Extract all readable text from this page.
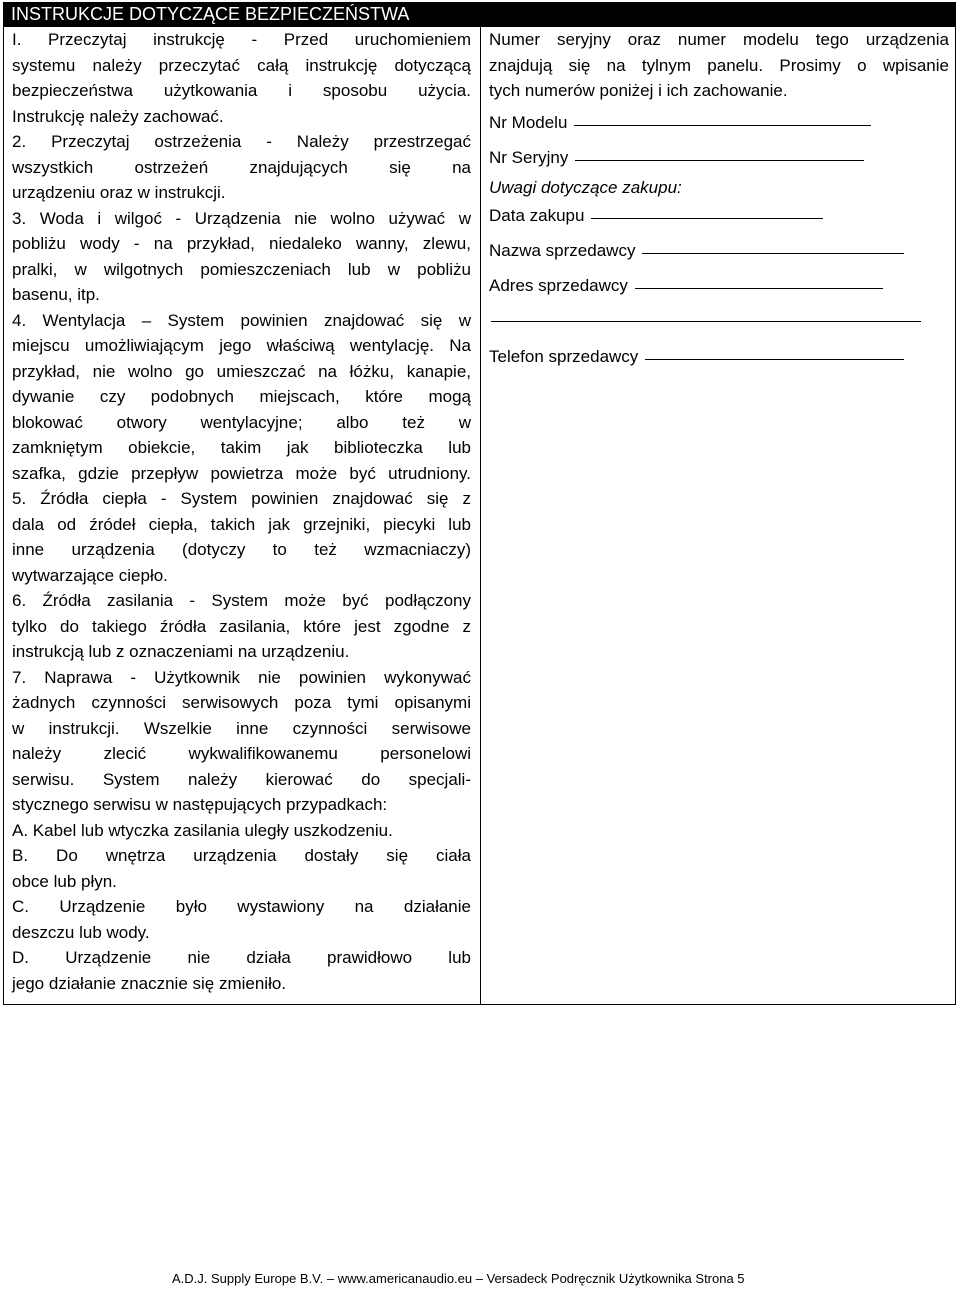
INSTRUKCJE DOTYCZĄCE BEZPIECZEŃSTWA
I. Przeczytaj instrukcję - Przed uruchomieniem
systemu należy przeczytać całą instrukcję dotyczącą
bezpieczeństwa użytkowania i sposobu użycia.
Instrukcję należy zachować.
2. Przeczytaj ostrzeżenia - Należy przestrzegać
wszystkich ostrzeżeń znajdujących się na
urządzeniu oraz w instrukcji.
3. Woda i wilgoć - Urządzenia nie wolno używać w
pobliżu wody - na przykład, niedaleko wanny, zlewu,
pralki, w wilgotnych pomieszczeniach lub w pobliżu
basenu, itp.
4. Wentylacja – System powinien znajdować się w
miejscu umożliwiającym jego właściwą wentylację. Na
przykład, nie wolno go umieszczać na łóżku, kanapie,
dywanie czy podobnych miejscach, które mogą
blokować otwory wentylacyjne; albo też w
zamkniętym obiekcie, takim jak biblioteczka lub
szafka, gdzie przepływ powietrza może być utrudniony.
5. Źródła ciepła - System powinien znajdować się z
dala od źródeł ciepła, takich jak grzejniki, piecyki lub
inne urządzenia (dotyczy to też wzmacniaczy)
wytwarzające ciepło.
6. Źródła zasilania - System może być podłączony
tylko do takiego źródła zasilania, które jest zgodne z
instrukcją lub z oznaczeniami na urządzeniu.
7. Naprawa - Użytkownik nie powinien wykonywać
żadnych czynności serwisowych poza tymi opisanymi
w instrukcji. Wszelkie inne czynności serwisowe
należy zlecić wykwalifikowanemu personelowi
serwisu. System należy kierować do specjali-
stycznego serwisu w następujących przypadkach:
A. Kabel lub wtyczka zasilania uległy uszkodzeniu.
B. Do wnętrza urządzenia dostały się ciała
obce lub płyn.
C. Urządzenie było wystawiony na działanie
deszczu lub wody.
D. Urządzenie nie działa prawidłowo lub
jego działanie znacznie się zmieniło.
Numer seryjny oraz numer modelu tego urządzenia
znajdują się na tylnym panelu. Prosimy o wpisanie
tych numerów poniżej i ich zachowanie.
Nr Modelu
Nr Seryjny
Uwagi dotyczące zakupu:
Data zakupu
Nazwa sprzedawcy
Adres sprzedawcy
Telefon sprzedawcy
A.D.J. Supply Europe B.V. – www.americanaudio.eu – Versadeck Podręcznik Użytkownika Strona 5
